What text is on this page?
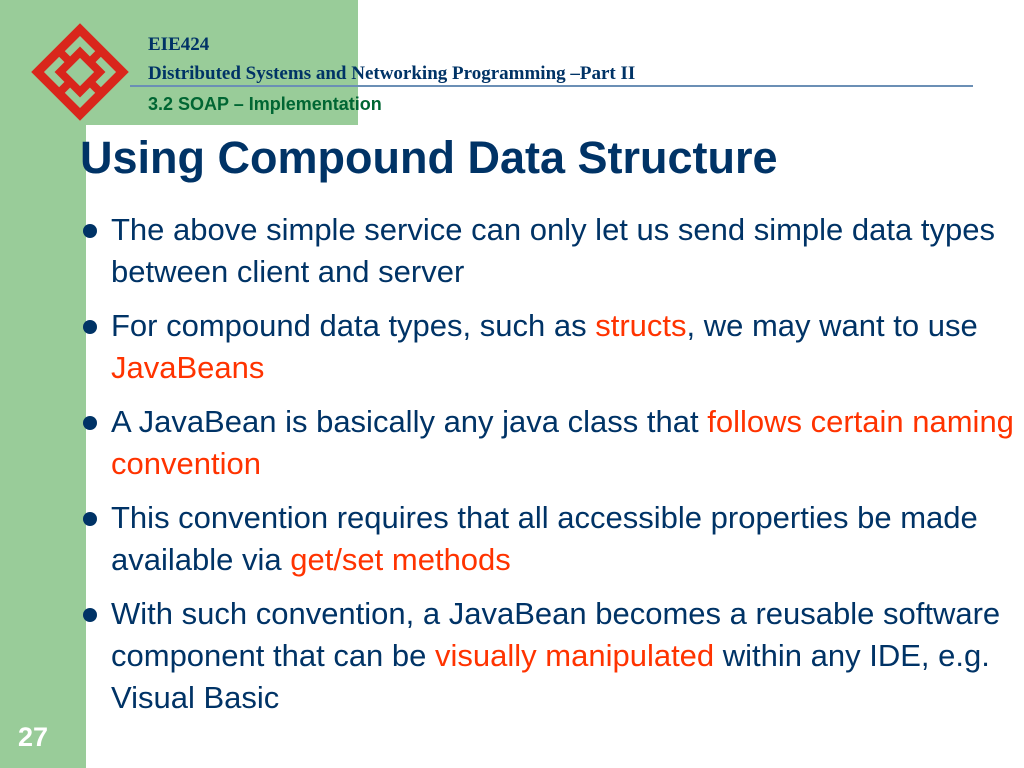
EIE424
Distributed Systems and Networking Programming –Part II
3.2 SOAP – Implementation
Using Compound Data Structure
The above simple service can only let us send simple data types between client and server
For compound data types, such as structs, we may want to use JavaBeans
A JavaBean is basically any java class that follows certain naming convention
This convention requires that all accessible properties be made available via get/set methods
With such convention, a JavaBean becomes a reusable software component that can be visually manipulated within any IDE, e.g. Visual Basic
27
